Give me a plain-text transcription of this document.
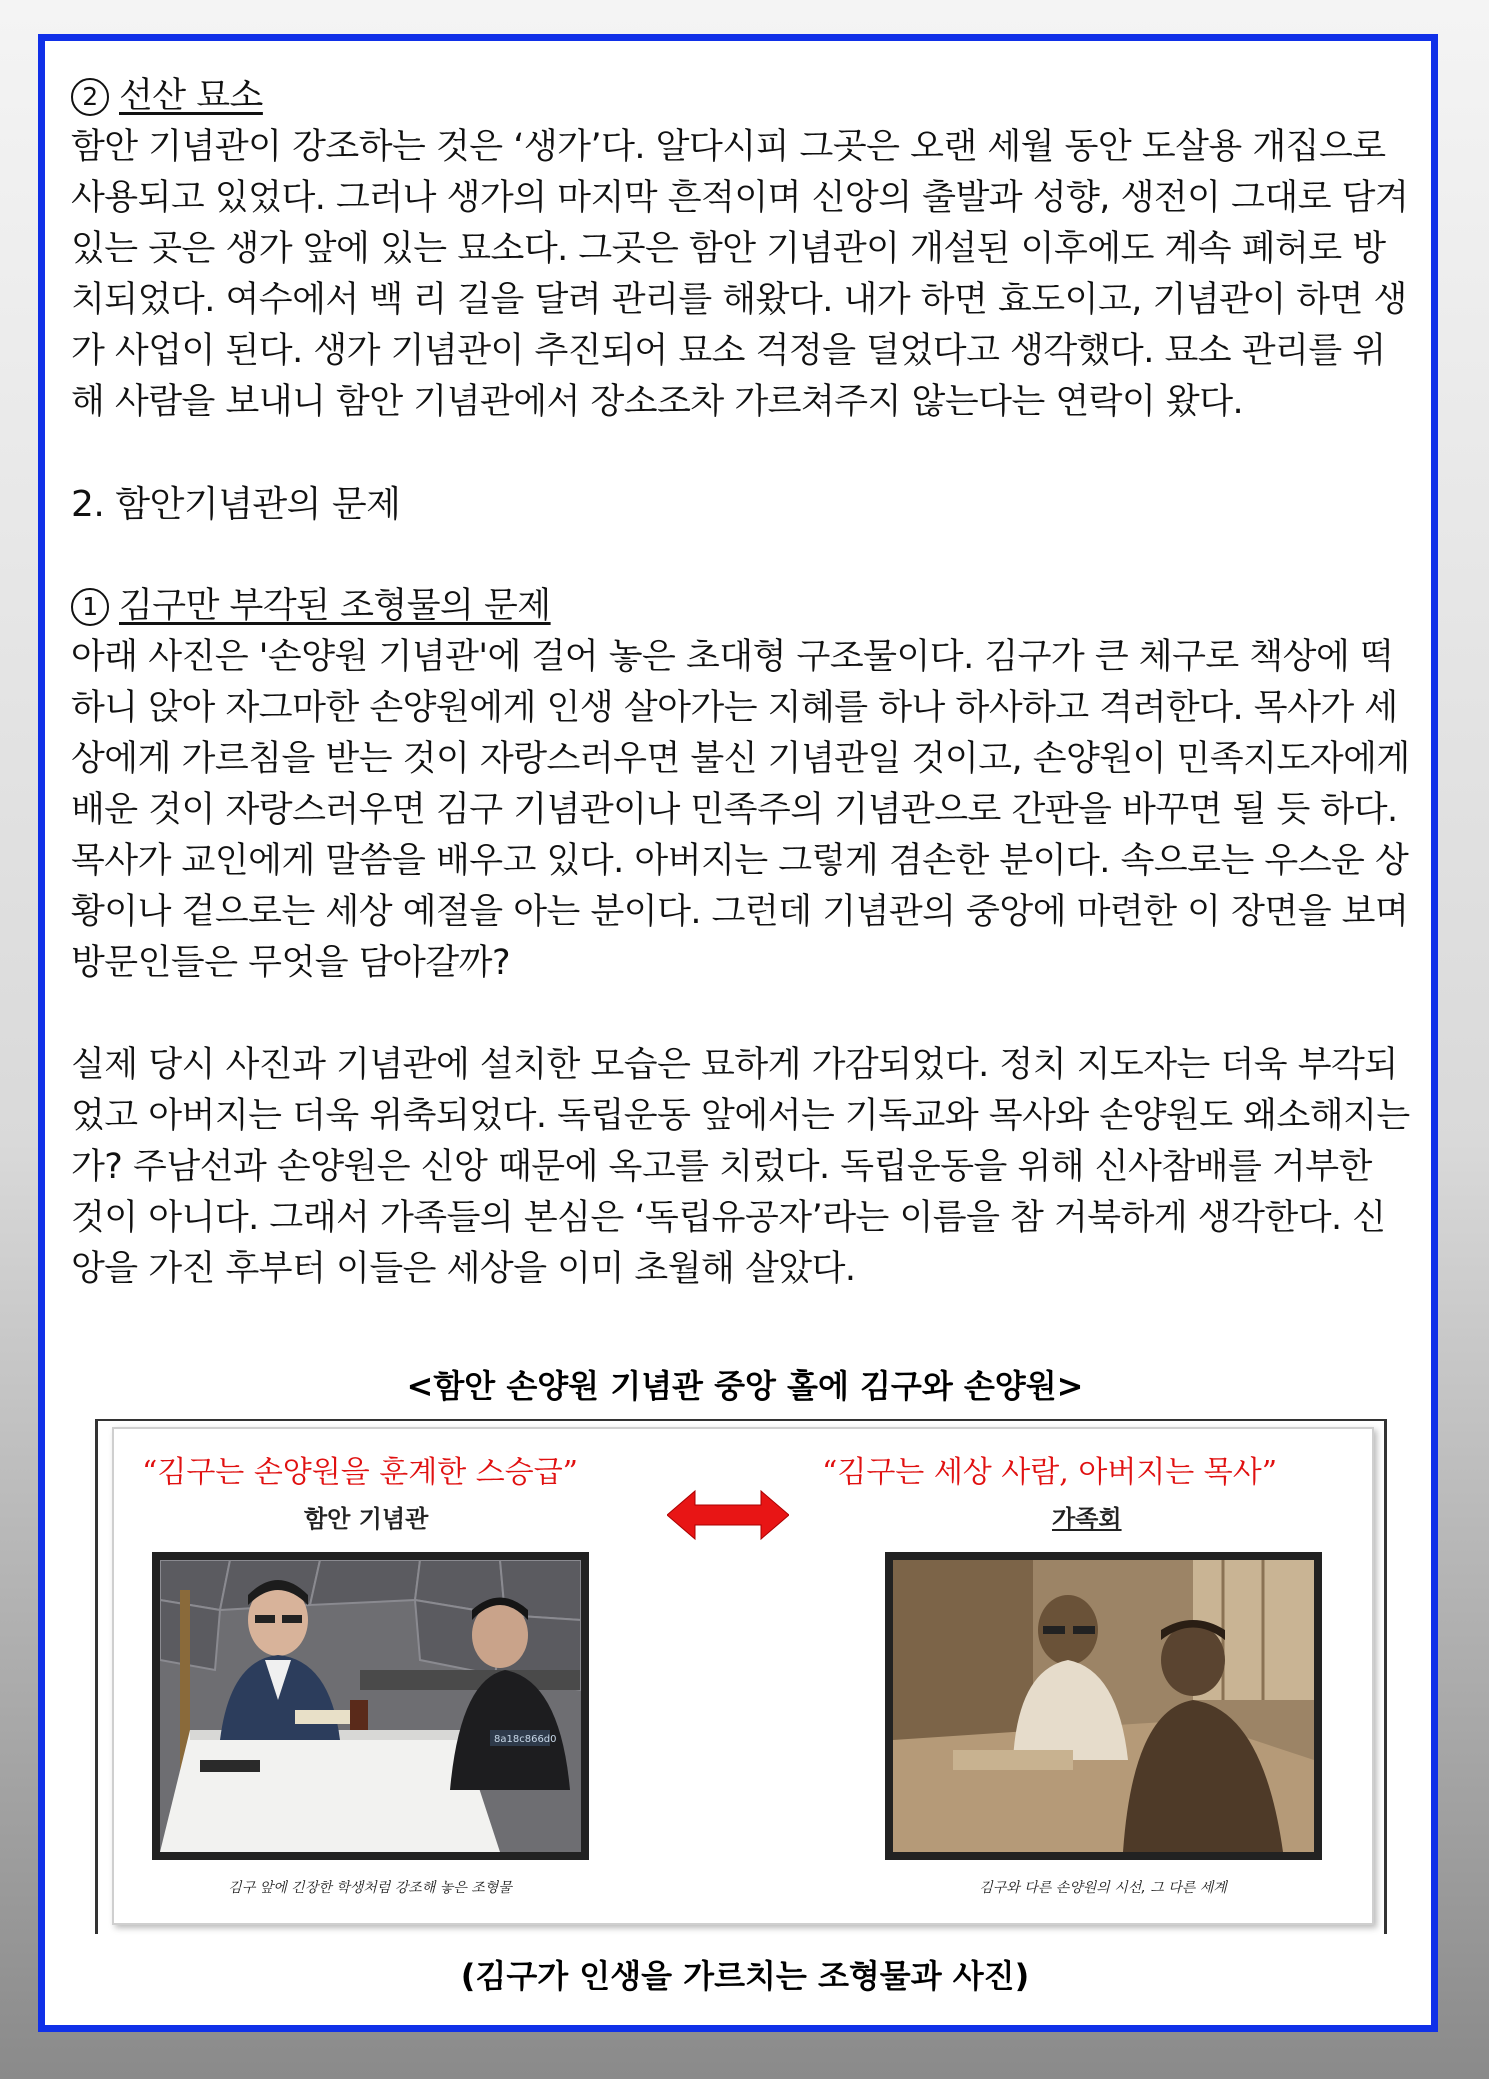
2 선산 묘소
함안 기념관이 강조하는 것은 ‘생가’다. 알다시피 그곳은 오랜 세월 동안 도살용 개집으로
사용되고 있었다. 그러나 생가의 마지막 흔적이며 신앙의 출발과 성향, 생전이 그대로 담겨
있는 곳은 생가 앞에 있는 묘소다. 그곳은 함안 기념관이 개설된 이후에도 계속 폐허로 방
치되었다. 여수에서 백 리 길을 달려 관리를 해왔다. 내가 하면 효도이고, 기념관이 하면 생
가 사업이 된다. 생가 기념관이 추진되어 묘소 걱정을 덜었다고 생각했다. 묘소 관리를 위
해 사람을 보내니 함안 기념관에서 장소조차 가르쳐주지 않는다는 연락이 왔다.
2. 함안기념관의 문제
1 김구만 부각된 조형물의 문제
아래 사진은 '손양원 기념관'에 걸어 놓은 초대형 구조물이다. 김구가 큰 체구로 책상에 떡
하니 앉아 자그마한 손양원에게 인생 살아가는 지혜를 하나 하사하고 격려한다. 목사가 세
상에게 가르침을 받는 것이 자랑스러우면 불신 기념관일 것이고, 손양원이 민족지도자에게
배운 것이 자랑스러우면 김구 기념관이나 민족주의 기념관으로 간판을 바꾸면 될 듯 하다.
목사가 교인에게 말씀을 배우고 있다. 아버지는 그렇게 겸손한 분이다. 속으로는 우스운 상
황이나 겉으로는 세상 예절을 아는 분이다. 그런데 기념관의 중앙에 마련한 이 장면을 보며
방문인들은 무엇을 담아갈까?
실제 당시 사진과 기념관에 설치한 모습은 묘하게 가감되었다. 정치 지도자는 더욱 부각되
었고 아버지는 더욱 위축되었다. 독립운동 앞에서는 기독교와 목사와 손양원도 왜소해지는
가? 주남선과 손양원은 신앙 때문에 옥고를 치렀다. 독립운동을 위해 신사참배를 거부한
것이 아니다. 그래서 가족들의 본심은 ‘독립유공자’라는 이름을 참 거북하게 생각한다. 신
앙을 가진 후부터 이들은 세상을 이미 초월해 살았다.
<함안 손양원 기념관 중앙 홀에 김구와 손양원>
“김구는 손양원을 훈계한 스승급”
함안 기념관
“김구는 세상 사람, 아버지는 목사”
가족회
8a18c866d0
김구 앞에 긴장한 학생처럼 강조해 놓은 조형물	김구와 다른 손양원의 시선, 그 다른 세계
(김구가 인생을 가르치는 조형물과 사진)
